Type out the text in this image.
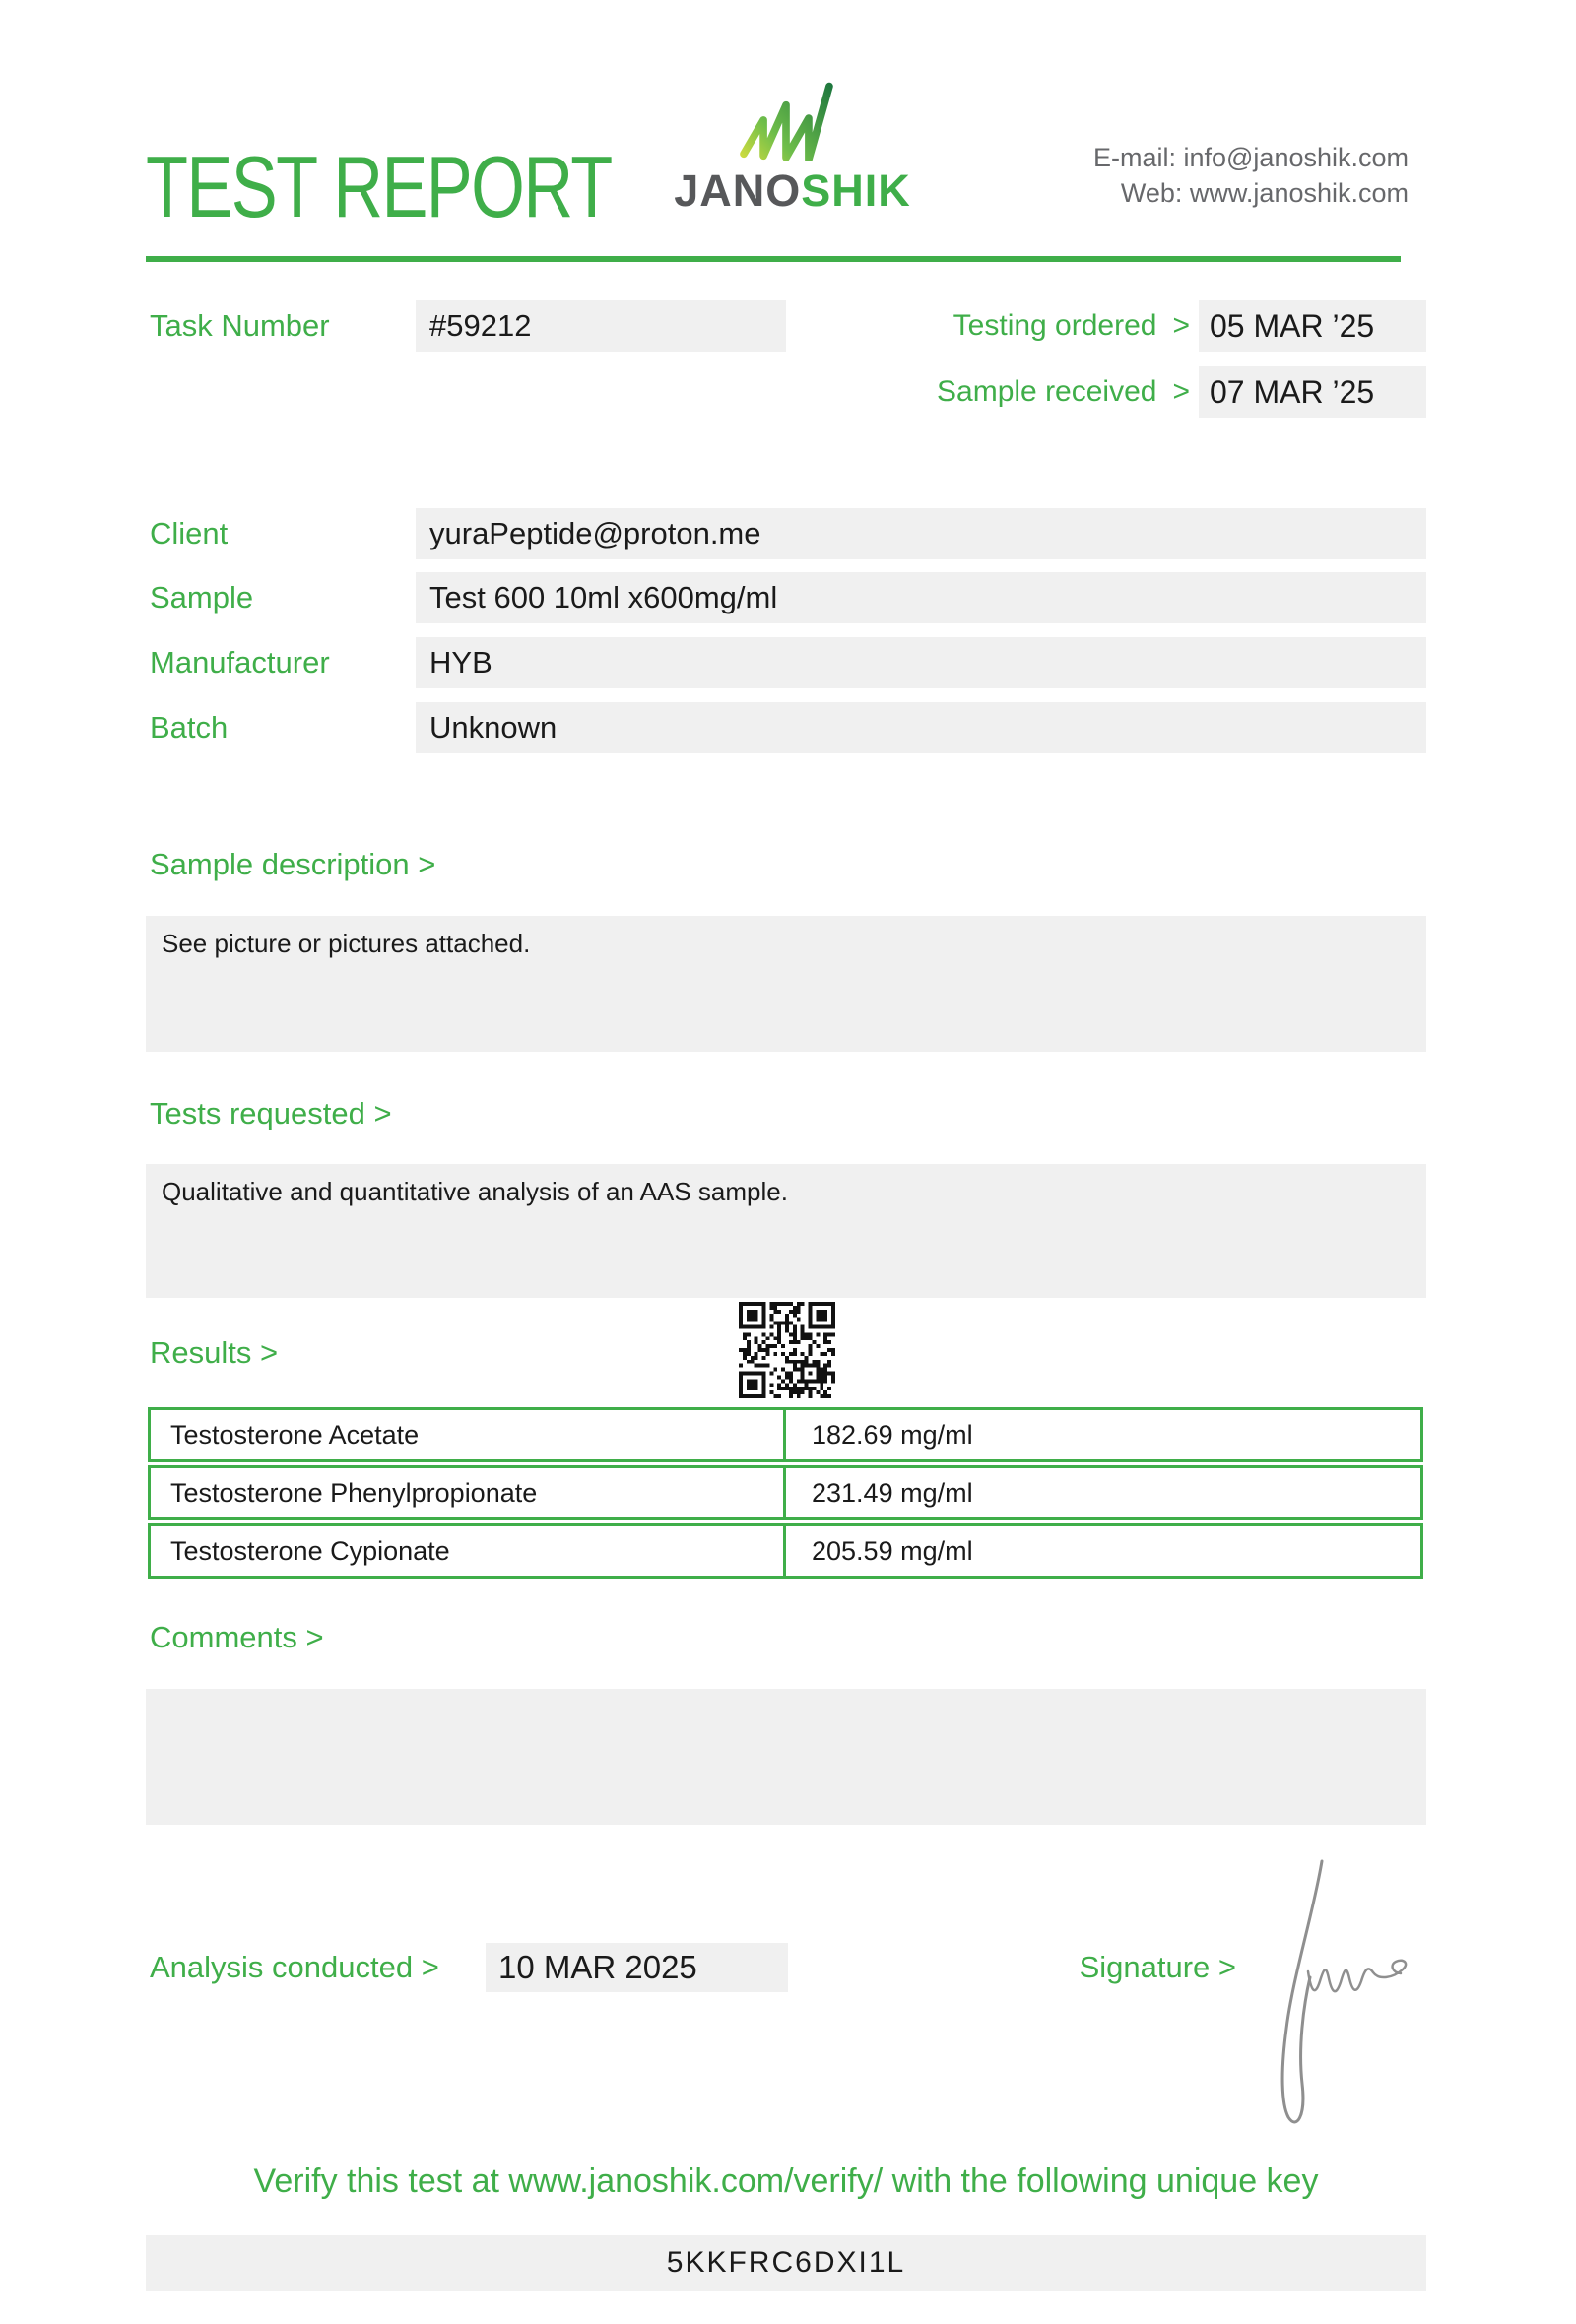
TEST REPORT JANOSHIK
E-mail: info@janoshik.com
Web: www.janoshik.com
Task Number	#59212	Testing ordered > 05 MAR ’25
Sample received > 07 MAR ’25
Client	yuraPeptide@proton.me
Sample	Test 600 10ml x600mg/ml
Manufacturer	HYB
Batch	Unknown
Sample description >
See picture or pictures attached.
Tests requested >
Qualitative and quantitative analysis of an AAS sample.
Results >
Testosterone Acetate	182.69 mg/ml
Testosterone Phenylpropionate	231.49 mg/ml
Testosterone Cypionate	205.59 mg/ml
Comments >
Analysis conducted >	10 MAR 2025	Signature >
Verify this test at www.janoshik.com/verify/ with the following unique key
5KKFRC6DXI1L
